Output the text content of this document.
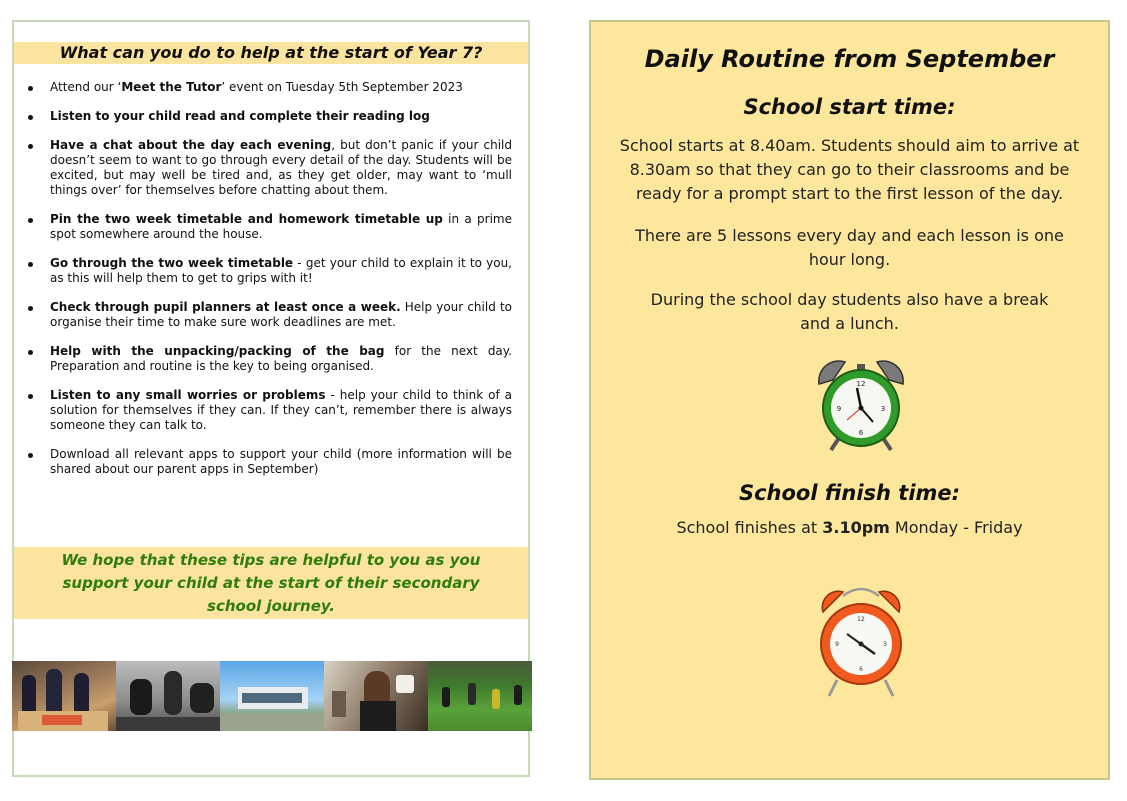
What can you do to help at the start of Year 7?
Attend our ‘Meet the Tutor’ event on Tuesday 5th September 2023
Listen to your child read and complete their reading log
Have a chat about the day each evening, but don’t panic if your child doesn’t seem to want to go through every detail of the day. Students will be excited, but may well be tired and, as they get older, may want to ‘mull things over’ for themselves before chatting about them.
Pin the two week timetable and homework timetable up in a prime spot somewhere around the house.
Go through the two week timetable - get your child to explain it to you, as this will help them to get to grips with it!
Check through pupil planners at least once a week. Help your child to organise their time to make sure work deadlines are met.
Help with the unpacking/packing of the bag for the next day. Preparation and routine is the key to being organised.
Listen to any small worries or problems - help your child to think of a solution for themselves if they can. If they can’t, remember there is always someone they can talk to.
Download all relevant apps to support your child (more information will be shared about our parent apps in September)
We hope that these tips are helpful to you as you
support your child at the start of their secondary
school journey.
Daily Routine from September
School start time:
School starts at 8.40am. Students should aim to arrive at 8.30am so that they can go to their classrooms and be ready for a prompt start to the first lesson of the day.
There are 5 lessons every day and each lesson is one hour long.
During the school day students also have a break and a lunch.
12
3
6
9
School finish time:
School finishes at 3.10pm Monday - Friday
12
3
6
9
